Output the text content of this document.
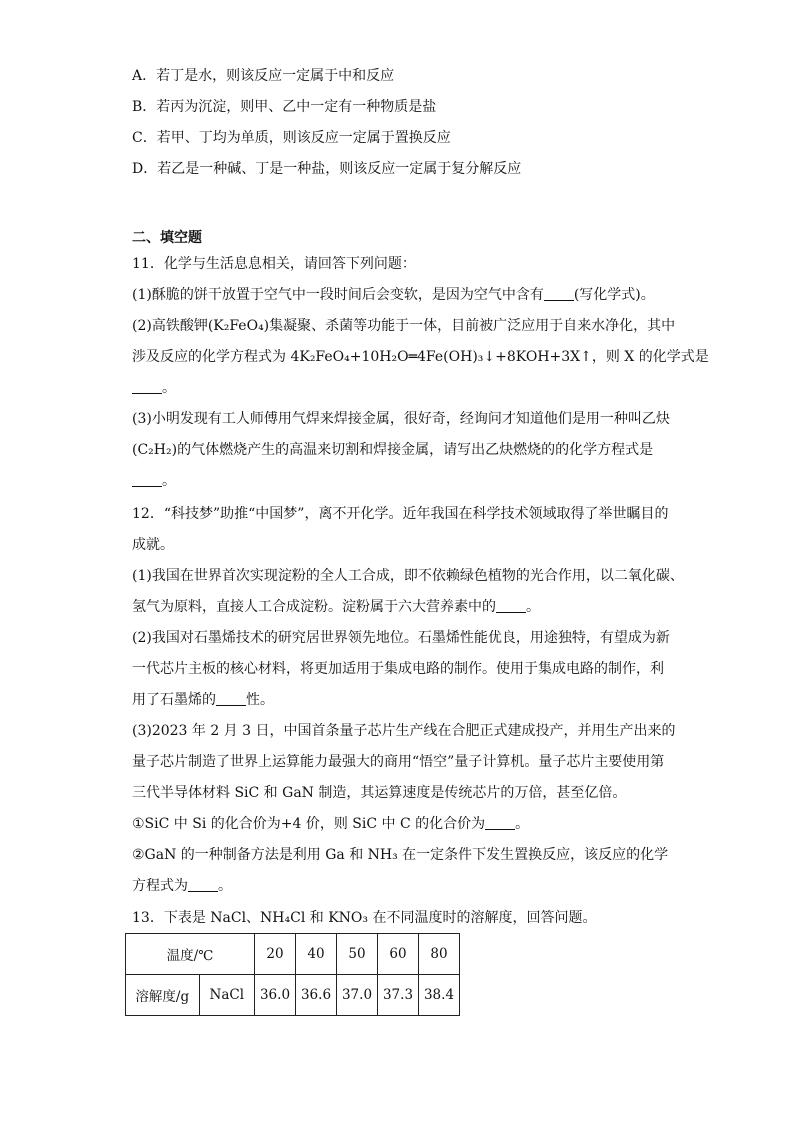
A．若丁是水，则该反应一定属于中和反应
B．若丙为沉淀，则甲、乙中一定有一种物质是盐
C．若甲、丁均为单质，则该反应一定属于置换反应
D．若乙是一种碱、丁是一种盐，则该反应一定属于复分解反应
二、填空题
11．化学与生活息息相关，请回答下列问题：
(1)酥脆的饼干放置于空气中一段时间后会变软，是因为空气中含有 (写化学式)。
(2)高铁酸钾(K₂FeO₄)集凝聚、杀菌等功能于一体，目前被广泛应用于自来水净化，其中
涉及反应的化学方程式为 4K₂FeO₄+10H₂O═4Fe(OH)₃↓+8KOH+3X↑，则 X 的化学式是
。
(3)小明发现有工人师傅用气焊来焊接金属，很好奇，经询问才知道他们是用一种叫乙炔
(C₂H₂)的气体燃烧产生的高温来切割和焊接金属，请写出乙炔燃烧的的化学方程式是
。
12．“科技梦”助推“中国梦”，离不开化学。近年我国在科学技术领域取得了举世瞩目的
成就。
(1)我国在世界首次实现淀粉的全人工合成，即不依赖绿色植物的光合作用，以二氧化碳、
氢气为原料，直接人工合成淀粉。淀粉属于六大营养素中的 。
(2)我国对石墨烯技术的研究居世界领先地位。石墨烯性能优良，用途独特，有望成为新
一代芯片主板的核心材料，将更加适用于集成电路的制作。使用于集成电路的制作，利
用了石墨烯的 性。
(3)2023 年 2 月 3 日，中国首条量子芯片生产线在合肥正式建成投产，并用生产出来的
量子芯片制造了世界上运算能力最强大的商用“悟空”量子计算机。量子芯片主要使用第
三代半导体材料 SiC 和 GaN 制造，其运算速度是传统芯片的万倍，甚至亿倍。
①SiC 中 Si 的化合价为+4 价，则 SiC 中 C 的化合价为 。
②GaN 的一种制备方法是利用 Ga 和 NH₃ 在一定条件下发生置换反应，该反应的化学
方程式为 。
13．下表是 NaCl、NH₄Cl 和 KNO₃ 在不同温度时的溶解度，回答问题。
温度/℃		20	40	50	60	80
溶解度/g	NaCl	36.0	36.6	37.0	37.3	38.4
